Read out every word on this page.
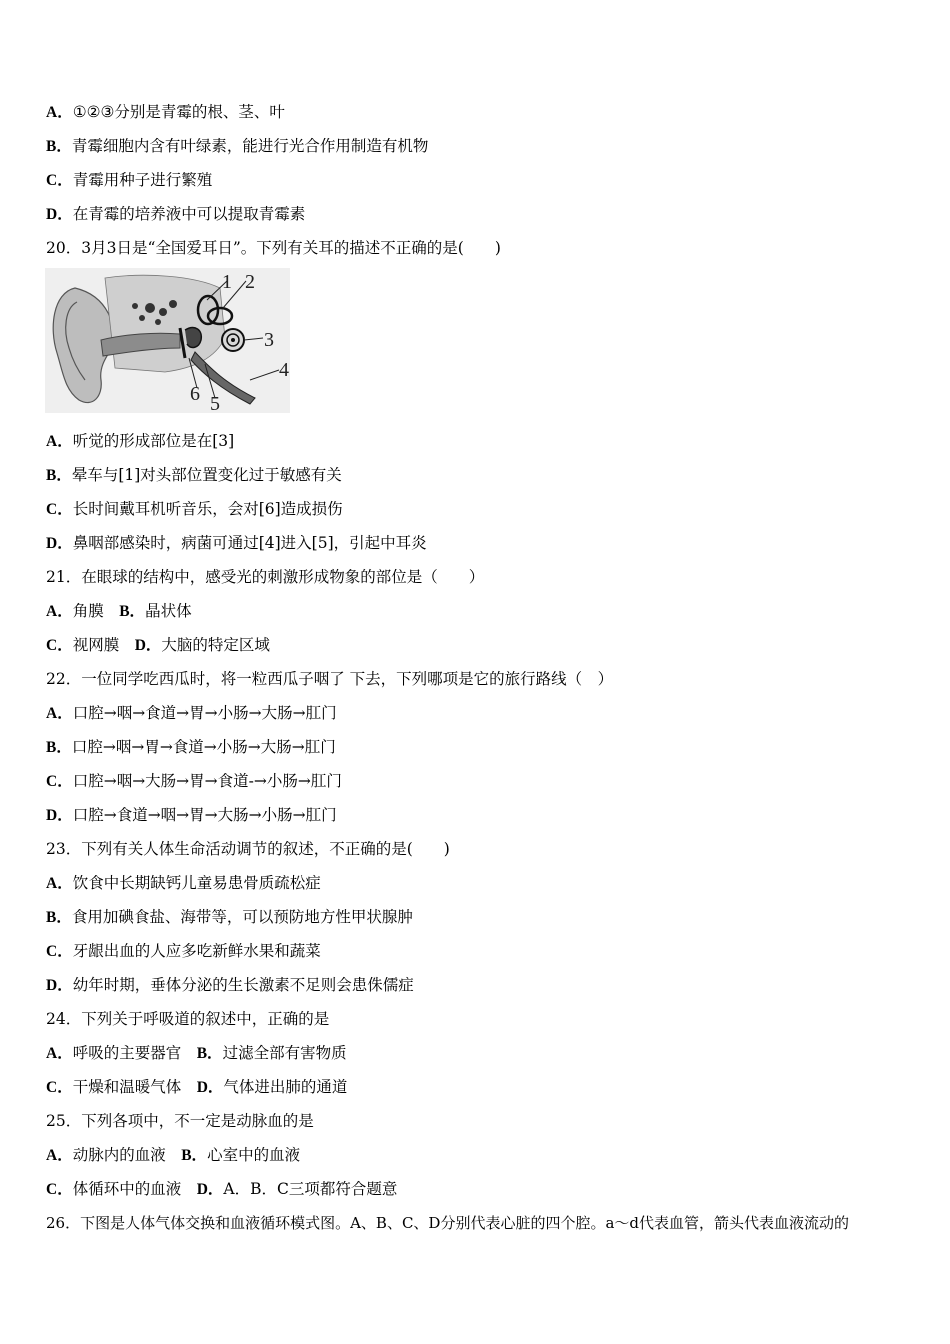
A．①②③分别是青霉的根、茎、叶
B．青霉细胞内含有叶绿素，能进行光合作用制造有机物
C．青霉用种子进行繁殖
D．在青霉的培养液中可以提取青霉素
20．3月3日是“全国爱耳日”。下列有关耳的描述不正确的是(　　)
1 2
3
4
5
6
A．听觉的形成部位是在[3]
B．晕车与[1]对头部位置变化过于敏感有关
C．长时间戴耳机听音乐，会对[6]造成损伤
D．鼻咽部感染时，病菌可通过[4]进入[5]，引起中耳炎
21．在眼球的结构中，感受光的刺激形成物象的部位是（　　）
A．角膜　B．晶状体
C．视网膜　D．大脑的特定区域
22．一位同学吃西瓜时，将一粒西瓜子咽了 下去，下列哪项是它的旅行路线（　）
A．口腔→咽→食道→胃→小肠→大肠→肛门
B．口腔→咽→胃→食道→小肠→大肠→肛门
C．口腔→咽→大肠→胃→食道-→小肠→肛门
D．口腔→食道→咽→胃→大肠→小肠→肛门
23．下列有关人体生命活动调节的叙述，不正确的是(　　)
A．饮食中长期缺钙儿童易患骨质疏松症
B．食用加碘食盐、海带等，可以预防地方性甲状腺肿
C．牙龈出血的人应多吃新鲜水果和蔬菜
D．幼年时期，垂体分泌的生长激素不足则会患侏儒症
24．下列关于呼吸道的叙述中，正确的是
A．呼吸的主要器官　B．过滤全部有害物质
C．干燥和温暖气体　D．气体进出肺的通道
25．下列各项中，不一定是动脉血的是
A．动脉内的血液　B．心室中的血液
C．体循环中的血液　D．A．B．C三项都符合题意
26．下图是人体气体交换和血液循环模式图。A、B、C、D分别代表心脏的四个腔。a～d代表血管，箭头代表血液流动的
